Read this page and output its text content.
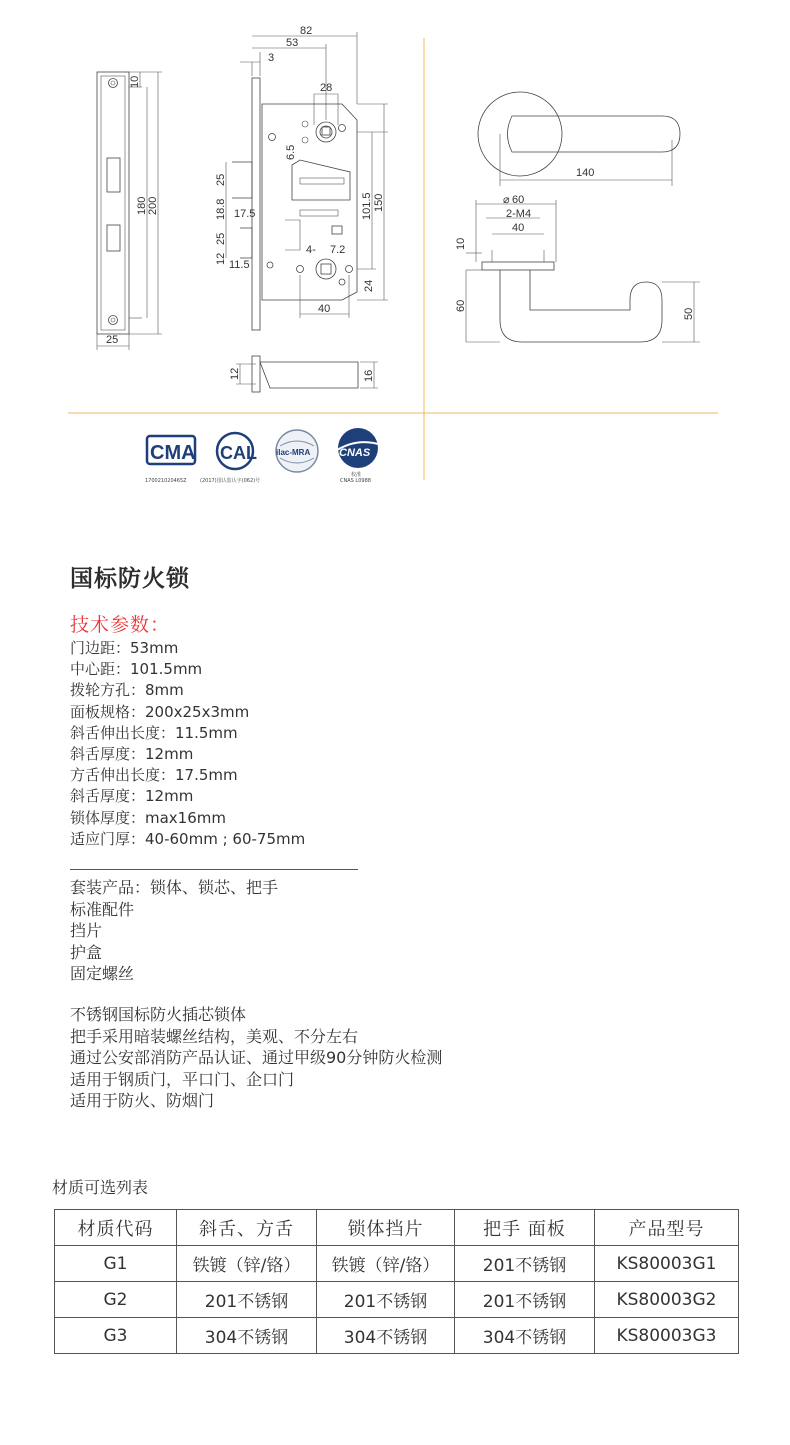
10
180 200
25
82
53
3
28
6.5
25
18.8 17.5
25
12 11.5
101.5 150
4- 7.2
24
40
12	16
140
60
⌀
2-M4
40
10
60
50
CMA
170021020465Z
CAL
(2017)国认监认字(062)号
ilac-MRA	CNAS
校准
CNAS L0988
国标防火锁
技术参数：
门边距：53mm
中心距：101.5mm
拨轮方孔：8mm
面板规格：200x25x3mm
斜舌伸出长度：11.5mm
斜舌厚度：12mm
方舌伸出长度：17.5mm
斜舌厚度：12mm
锁体厚度：max16mm
适应门厚：40-60mm ; 60-75mm
套装产品：锁体、锁芯、把手
标准配件
挡片
护盒
固定螺丝
不锈钢国标防火插芯锁体
把手采用暗装螺丝结构，美观、不分左右
通过公安部消防产品认证、通过甲级90分钟防火检测
适用于钢质门，平口门、企口门
适用于防火、防烟门
材质可选列表
材质代码	斜舌、方舌	锁体挡片	把手 面板	产品型号
G1	铁镀（锌/铬）	铁镀（锌/铬）	201不锈钢	KS80003G1
G2	201不锈钢	201不锈钢	201不锈钢	KS80003G2
G3	304不锈钢	304不锈钢	304不锈钢	KS80003G3
